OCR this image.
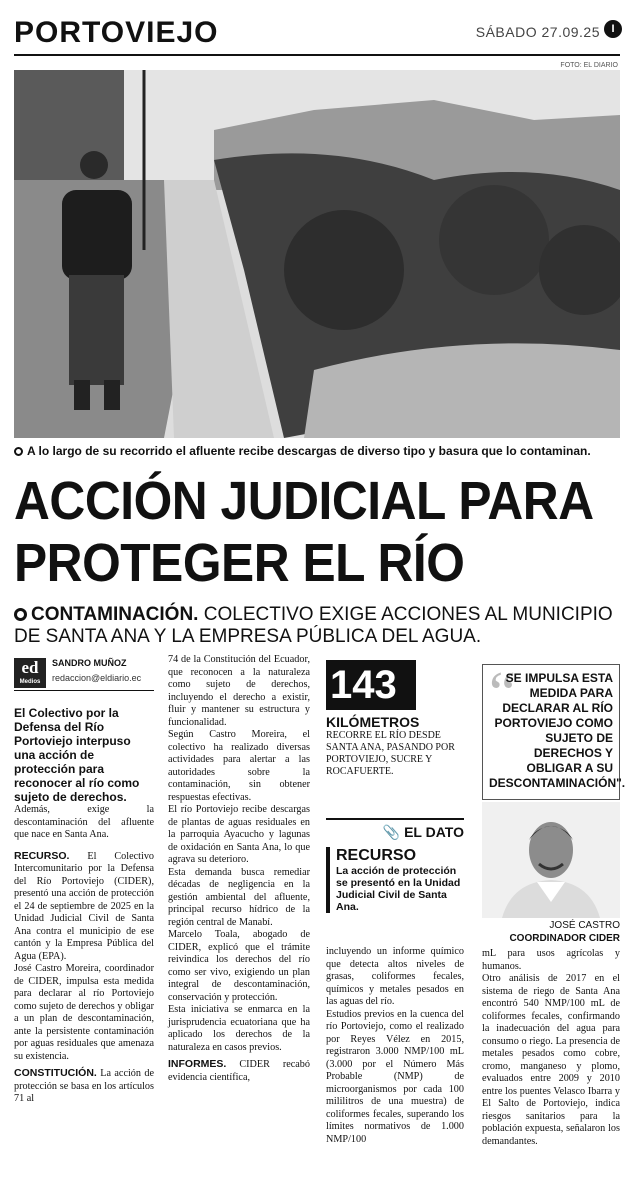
PORTOVIEJO	SÁBADO 27.09.25	I
FOTO: EL DIARIO
A lo largo de su recorrido el afluente recibe descargas de diverso tipo y basura que lo contaminan.
ACCIÓN JUDICIAL PARA
PROTEGER EL RÍO
CONTAMINACIÓN. COLECTIVO EXIGE ACCIONES AL MUNICIPIO DE SANTA ANA Y LA EMPRESA PÚBLICA DEL AGUA.
ed
Medios
SANDRO MUÑOZ
redaccion@eldiario.ec

El Colectivo por la Defensa del Río Portoviejo interpuso una acción de protección para reconocer al río como sujeto de derechos.

Además, exige la descontaminación del afluente que nace en Santa Ana.

RECURSO. El Colectivo Intercomunitario por la Defensa del Río Portoviejo (CIDER), presentó una acción de protección el 24 de septiembre de 2025 en la Unidad Judicial Civil de Santa Ana contra el municipio de ese cantón y la Empresa Pública del Agua (EPA).

José Castro Moreira, coordinador de CIDER, impulsa esta medida para declarar al río Portoviejo como sujeto de derechos y obligar a un plan de descontaminación, ante la persistente contaminación por aguas residuales que amenaza su existencia.

CONSTITUCIÓN. La acción de protección se basa en los artículos 71 al

74 de la Constitución del Ecuador, que reconocen a la naturaleza como sujeto de derechos, incluyendo el derecho a existir, fluir y mantener su estructura y funcionalidad.

Según Castro Moreira, el colectivo ha realizado diversas actividades para alertar a las autoridades sobre la contaminación, sin obtener respuestas efectivas.

El río Portoviejo recibe descargas de plantas de aguas residuales en la parroquia Ayacucho y lagunas de oxidación en Santa Ana, lo que agrava su deterioro.

Esta demanda busca remediar décadas de negligencia en la gestión ambiental del afluente, principal recurso hídrico de la región central de Manabí.

Marcelo Toala, abogado de CIDER, explicó que el trámite reivindica los derechos del río como ser vivo, exigiendo un plan integral de descontaminación, conservación y protección.

Esta iniciativa se enmarca en la jurisprudencia ecuatoriana que ha aplicado los derechos de la naturaleza en casos previos.

INFORMES. CIDER recabó evidencia científica,

143
KILÓMETROS
RECORRE EL RÍO DESDE SANTA ANA, PASANDO POR PORTOVIEJO, SUCRE Y ROCAFUERTE.
📎 EL DATO
RECURSO
La acción de protección se presentó en la Unidad Judicial Civil de Santa Ana.

incluyendo un informe químico que detecta altos niveles de grasas, coliformes fecales, químicos y metales pesados en las aguas del río.

Estudios previos en la cuenca del río Portoviejo, como el realizado por Reyes Vélez en 2015, registraron 3.000 NMP/100 mL (3.000 por el Número Más Probable (NMP) de microorganismos por cada 100 mililitros de una muestra) de coliformes fecales, superando los límites normativos de 1.000 NMP/100

“
SE IMPULSA ESTA MEDIDA PARA DECLARAR AL RÍO PORTOVIEJO COMO SUJETO DE DERECHOS Y OBLIGAR A SU DESCONTAMINACIÓN".
JOSÉ CASTRO
COORDINADOR CIDER

mL para usos agrícolas y humanos.

Otro análisis de 2017 en el sistema de riego de Santa Ana encontró 540 NMP/100 mL de coliformes fecales, confirmando la inadecuación del agua para consumo o riego. La presencia de metales pesados como cobre, cromo, manganeso y plomo, evaluados entre 2009 y 2010 entre los puentes Velasco Ibarra y El Salto de Portoviejo, indica riesgos sanitarios para la población expuesta, señalaron los demandantes.
